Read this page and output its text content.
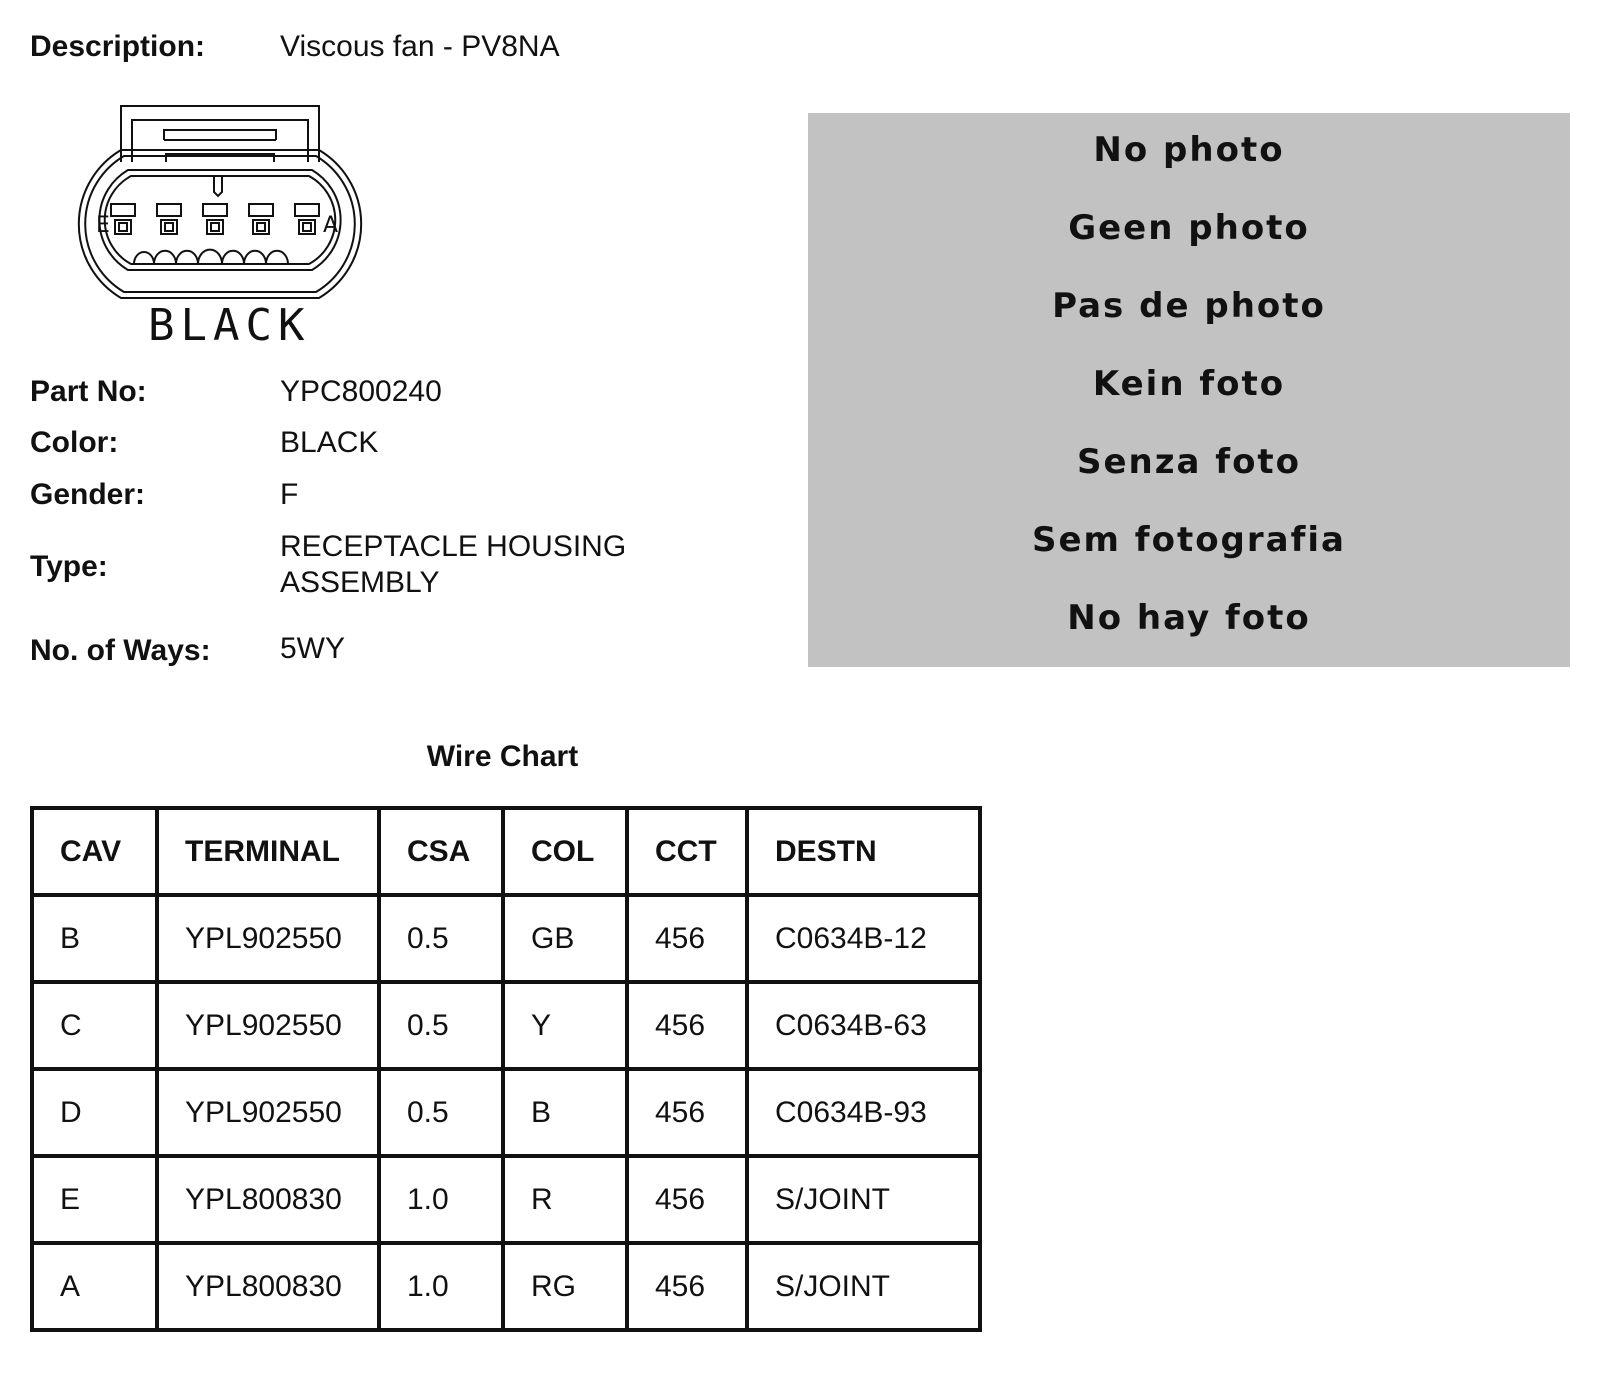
Description: Viscous fan - PV8NA
E	A
BLACK
Part No:	YPC800240
Color:	BLACK
Gender:	F
Type:
RECEPTACLE HOUSING
ASSEMBLY
No. of Ways: 5WY
No photo
Geen photo
Pas de photo
Kein foto
Senza foto
Sem fotografia
No hay foto
Wire Chart
CAV	TERMINAL	CSA	COL	CCT	DESTN
B	YPL902550	0.5	GB	456	C0634B-12
C	YPL902550	0.5	Y	456	C0634B-63
D	YPL902550	0.5	B	456	C0634B-93
E	YPL800830	1.0	R	456	S/JOINT
A	YPL800830	1.0	RG	456	S/JOINT
